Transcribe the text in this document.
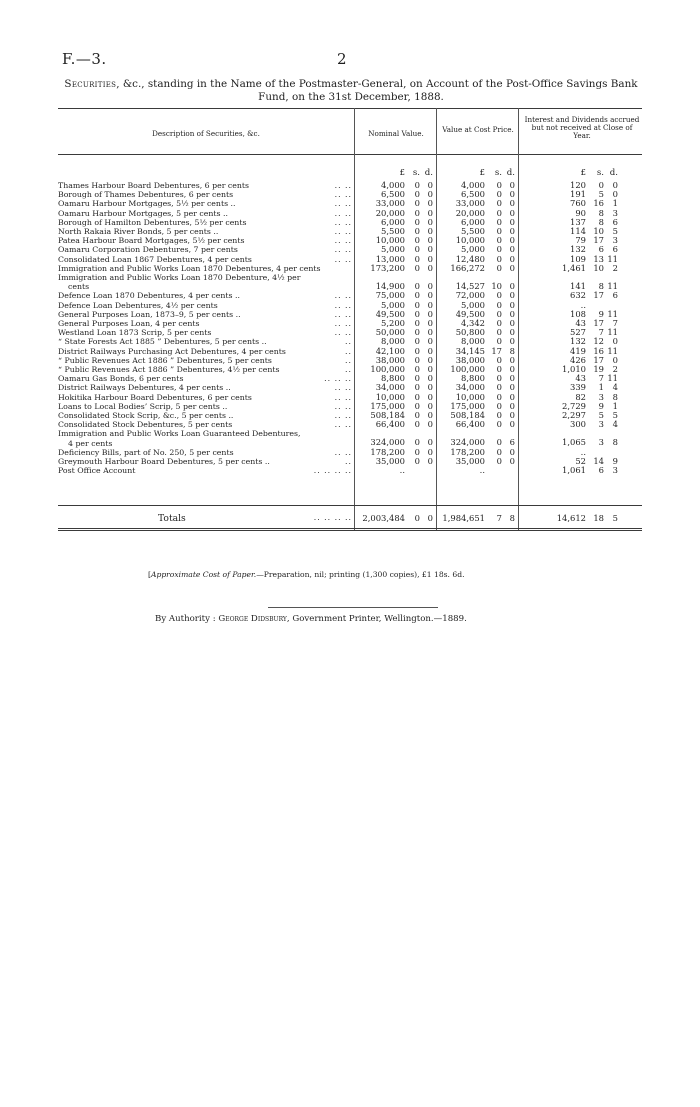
F.—3.	2
Securities, &c., standing in the Name of the Postmaster-General, on Account of the Post-Office Savings Bank Fund, on the 31st December, 1888.
Description of Securities, &c.	Nominal Value.	Value at Cost Price.
Interest and Dividends accrued but not received at Close of Year.
£ s. d.	£	s. d.	£	s. d.
Thames Harbour Board Debentures, 6 per cents	.. ..	4,000	0 0	4,000	0 0	120	0	0
Borough of Thames Debentures, 6 per cents	.. ..	6,500	0 0	6,500	0 0	191	5	0
Oamaru Harbour Mortgages, 5½ per cents ..	.. ..	33,000	0 0	33,000	0 0	760 16	1
Oamaru Harbour Mortgages, 5 per cents ..	.. ..	20,000	0 0	20,000	0 0	90	8	3
Borough of Hamilton Debentures, 5½ per cents	.. ..	6,000	0 0	6,000	0 0	137	8	6
North Rakaia River Bonds, 5 per cents ..	.. ..	5,500	0 0	5,500	0 0	114 10	5
Patea Harbour Board Mortgages, 5½ per cents	.. ..	10,000	0 0	10,000	0 0	79 17	3
Oamaru Corporation Debentures, 7 per cents	.. ..	5,000	0 0	5,000	0 0	132	6	6
Consolidated Loan 1867 Debentures, 4 per cents	.. ..	13,000	0 0	12,480	0 0	109 13 11
Immigration and Public Works Loan 1870 Debentures, 4 per cents	173,200	0 0	166,272	0 0	1,461 10	2
Immigration and Public Works Loan 1870 Debenture, 4½ per
cents	14,900	0 0	14,527 10 0	141	8 11
Defence Loan 1870 Debentures, 4 per cents ..	.. ..	75,000	0 0	72,000	0 0	632 17	6
Defence Loan Debentures, 4½ per cents	.. ..	5,000	0 0	5,000	0 0	..
General Purposes Loan, 1873–9, 5 per cents ..	.. ..	49,500	0 0	49,500	0 0	108	9 11
General Purposes Loan, 4 per cents	.. ..	5,200	0 0	4,342	0 0	43 17	7
Westland Loan 1873 Scrip, 5 per cents	.. ..	50,000	0 0	50,800	0 0	527	7 11
“ State Forests Act 1885 ” Debentures, 5 per cents ..	..	8,000	0 0	8,000	0 0	132 12	0
District Railways Purchasing Act Debentures, 4 per cents	..	42,100	0 0	34,145 17 8	419 16 11
“ Public Revenues Act 1886 ” Debentures, 5 per cents	..	38,000	0 0	38,000	0 0	426 17	0
“ Public Revenues Act 1886 ” Debentures, 4½ per cents	..	100,000	0 0	100,000	0 0	1,010 19	2
Oamaru Gas Bonds, 6 per cents	.. .. ..	8,800	0 0	8,800	0 0	43	7 11
District Railways Debentures, 4 per cents ..	.. ..	34,000	0 0	34,000	0 0	339	1	4
Hokitika Harbour Board Debentures, 6 per cents	.. ..	10,000	0 0	10,000	0 0	82	3	8
Loans to Local Bodies’ Scrip, 5 per cents ..	.. ..	175,000	0 0	175,000	0 0	2,729	9	1
Consolidated Stock Scrip, &c., 5 per cents ..	.. ..	508,184	0 0	508,184	0 0	2,297	5	5
Consolidated Stock Debentures, 5 per cents	.. ..	66,400	0 0	66,400	0 0	300	3	4
Immigration and Public Works Loan Guaranteed Debentures,
4 per cents	324,000	0 0	324,000	0 6	1,065	3	8
Deficiency Bills, part of No. 250, 5 per cents	.. ..	178,200	0 0	178,200	0 0	..
Greymouth Harbour Board Debentures, 5 per cents ..	..	35,000	0 0	35,000	0 0	52 14	9
Post Office Account	.. .. .. ..	..	..	1,061	6	3
Totals	.. .. .. ..	2,003,484	0 0	1,984,651	7 8	14,612 18	5
[Approximate Cost of Paper.—Preparation, nil; printing (1,300 copies), £1 18s. 6d.
By Authority : George Didsbury, Government Printer, Wellington.—1889.
